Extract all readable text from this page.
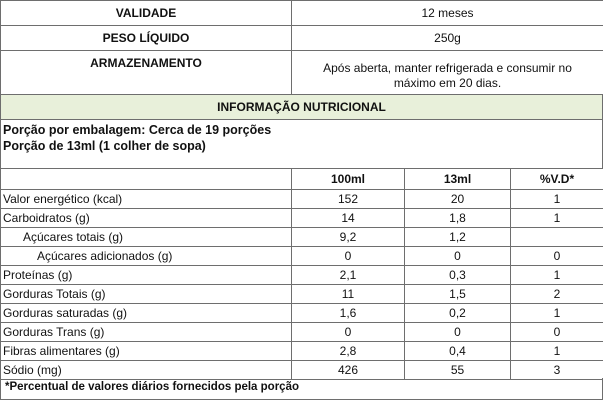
VALIDADE	12 meses
PESO LÍQUIDO	250g
ARMAZENAMENTO	Após aberta, manter refrigerada e consumir no máximo em 20 dias.
INFORMAÇÃO NUTRICIONAL
Porção por embalagem: Cerca de 19 porções
Porção de 13ml (1 colher de sopa)
	100ml	13ml	%V.D*
Valor energético (kcal)	152	20	1
Carboidratos (g)	14	1,8	1
Açúcares totais (g)	9,2	1,2	
Açúcares adicionados (g)	0	0	0
Proteínas (g)	2,1	0,3	1
Gorduras Totais (g)	11	1,5	2
Gorduras saturadas (g)	1,6	0,2	1
Gorduras Trans (g)	0	0	0
Fibras alimentares (g)	2,8	0,4	1
Sódio (mg)	426	55	3
*Percentual de valores diários fornecidos pela porção
